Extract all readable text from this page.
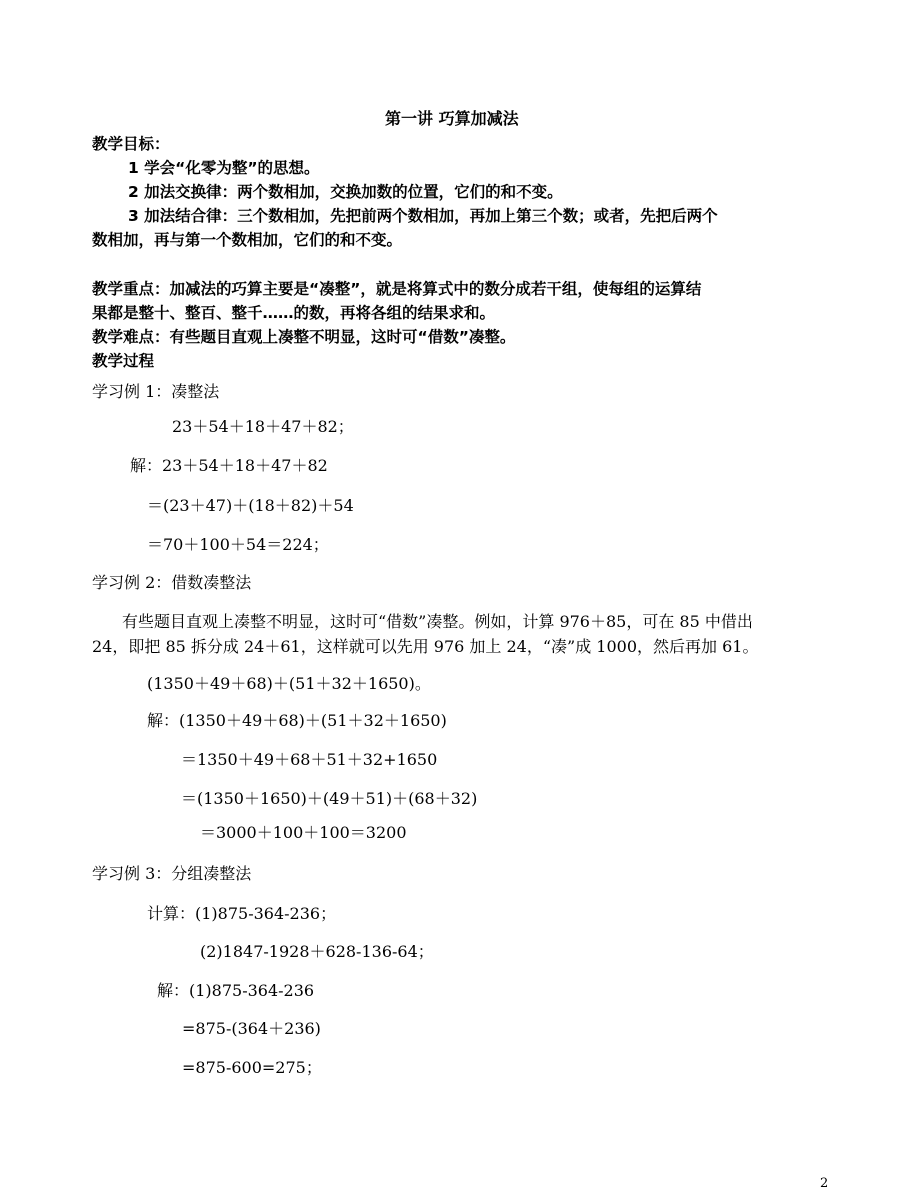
第一讲 巧算加减法
教学目标：
1 学会“化零为整”的思想。
2 加法交换律：两个数相加，交换加数的位置，它们的和不变。
3 加法结合律：三个数相加，先把前两个数相加，再加上第三个数；或者，先把后两个
数相加，再与第一个数相加，它们的和不变。
教学重点：加减法的巧算主要是“凑整”，就是将算式中的数分成若干组，使每组的运算结
果都是整十、整百、整千……的数，再将各组的结果求和。
教学难点：有些题目直观上凑整不明显，这时可“借数”凑整。
教学过程
学习例 1：凑整法
23＋54＋18＋47＋82；
解：23＋54＋18＋47＋82
＝(23＋47)＋(18＋82)＋54
＝70＋100＋54＝224；
学习例 2：借数凑整法
有些题目直观上凑整不明显，这时可“借数”凑整。例如，计算 976＋85，可在 85 中借出
24，即把 85 拆分成 24＋61，这样就可以先用 976 加上 24，“凑”成 1000，然后再加 61。
(1350＋49＋68)＋(51＋32＋1650)。
解：(1350＋49＋68)＋(51＋32＋1650)
＝1350＋49＋68＋51＋32+1650
＝(1350＋1650)＋(49＋51)＋(68＋32)
＝3000＋100＋100＝3200
学习例 3：分组凑整法
计算：(1)875-364-236；
(2)1847-1928＋628-136-64；
解：(1)875-364-236
=875-(364＋236)
=875-600=275；
2
